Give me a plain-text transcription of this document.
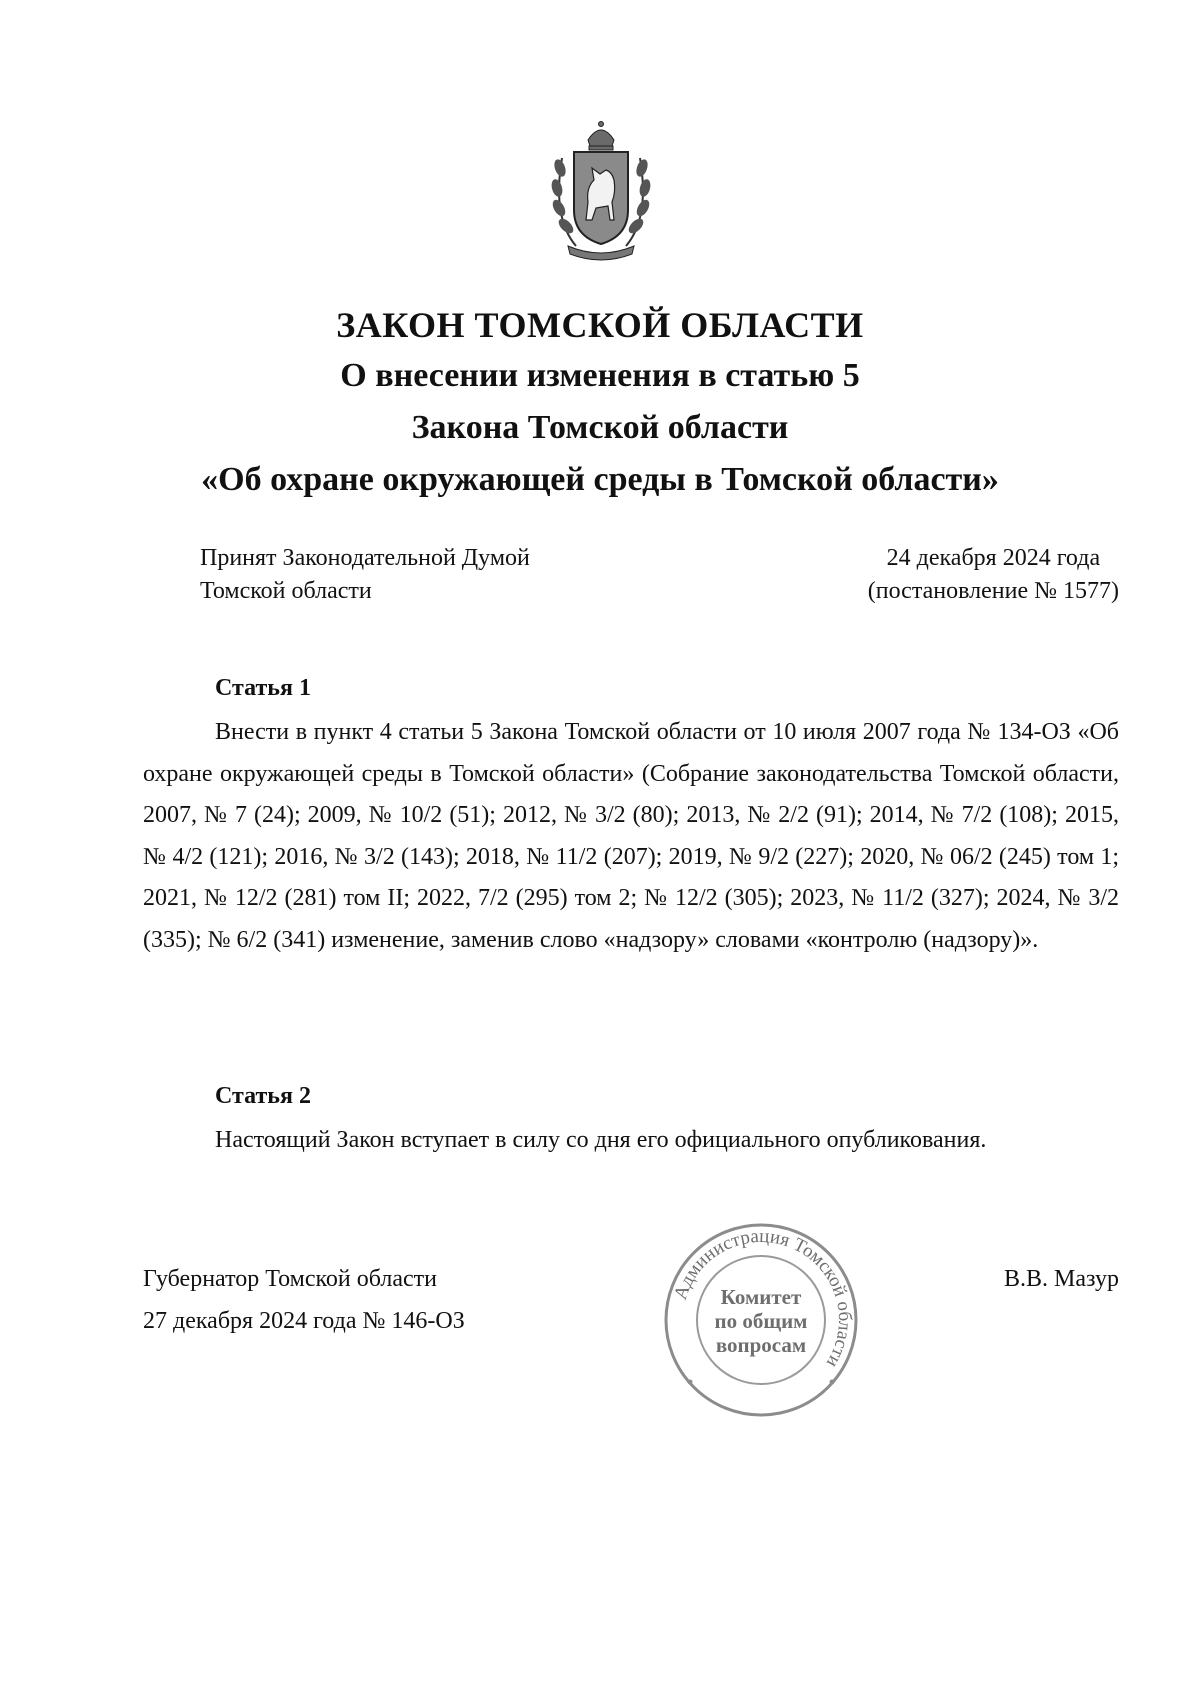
ЗАКОН ТОМСКОЙ ОБЛАСТИ

О внесении изменения в статью 5

Закона Томской области

«Об охране окружающей среды в Томской области»

Принят Законодательной Думой
Томской области
24 декабря 2024 года
(постановление № 1577)

Статья 1

Внести в пункт 4 статьи 5 Закона Томской области от 10 июля 2007 года № 134-ОЗ «Об охране окружающей среды в Томской области» (Собрание законодательства Томской области, 2007, № 7 (24); 2009, № 10/2 (51); 2012, № 3/2 (80); 2013, № 2/2 (91); 2014, № 7/2 (108); 2015, № 4/2 (121); 2016, № 3/2 (143); 2018, № 11/2 (207); 2019, № 9/2 (227); 2020, № 06/2 (245) том 1; 2021, № 12/2 (281) том II; 2022, 7/2 (295) том 2; № 12/2 (305); 2023, № 11/2 (327); 2024, № 3/2 (335); № 6/2 (341) изменение, заменив слово «надзору» словами «контролю (надзору)».

Статья 2

Настоящий Закон вступает в силу со дня его официального опубликования.

Губернатор Томской области
27 декабря 2024 года № 146-ОЗ
В.В. Мазур
Администрация Томской области
Комитет
по общим
вопросам
